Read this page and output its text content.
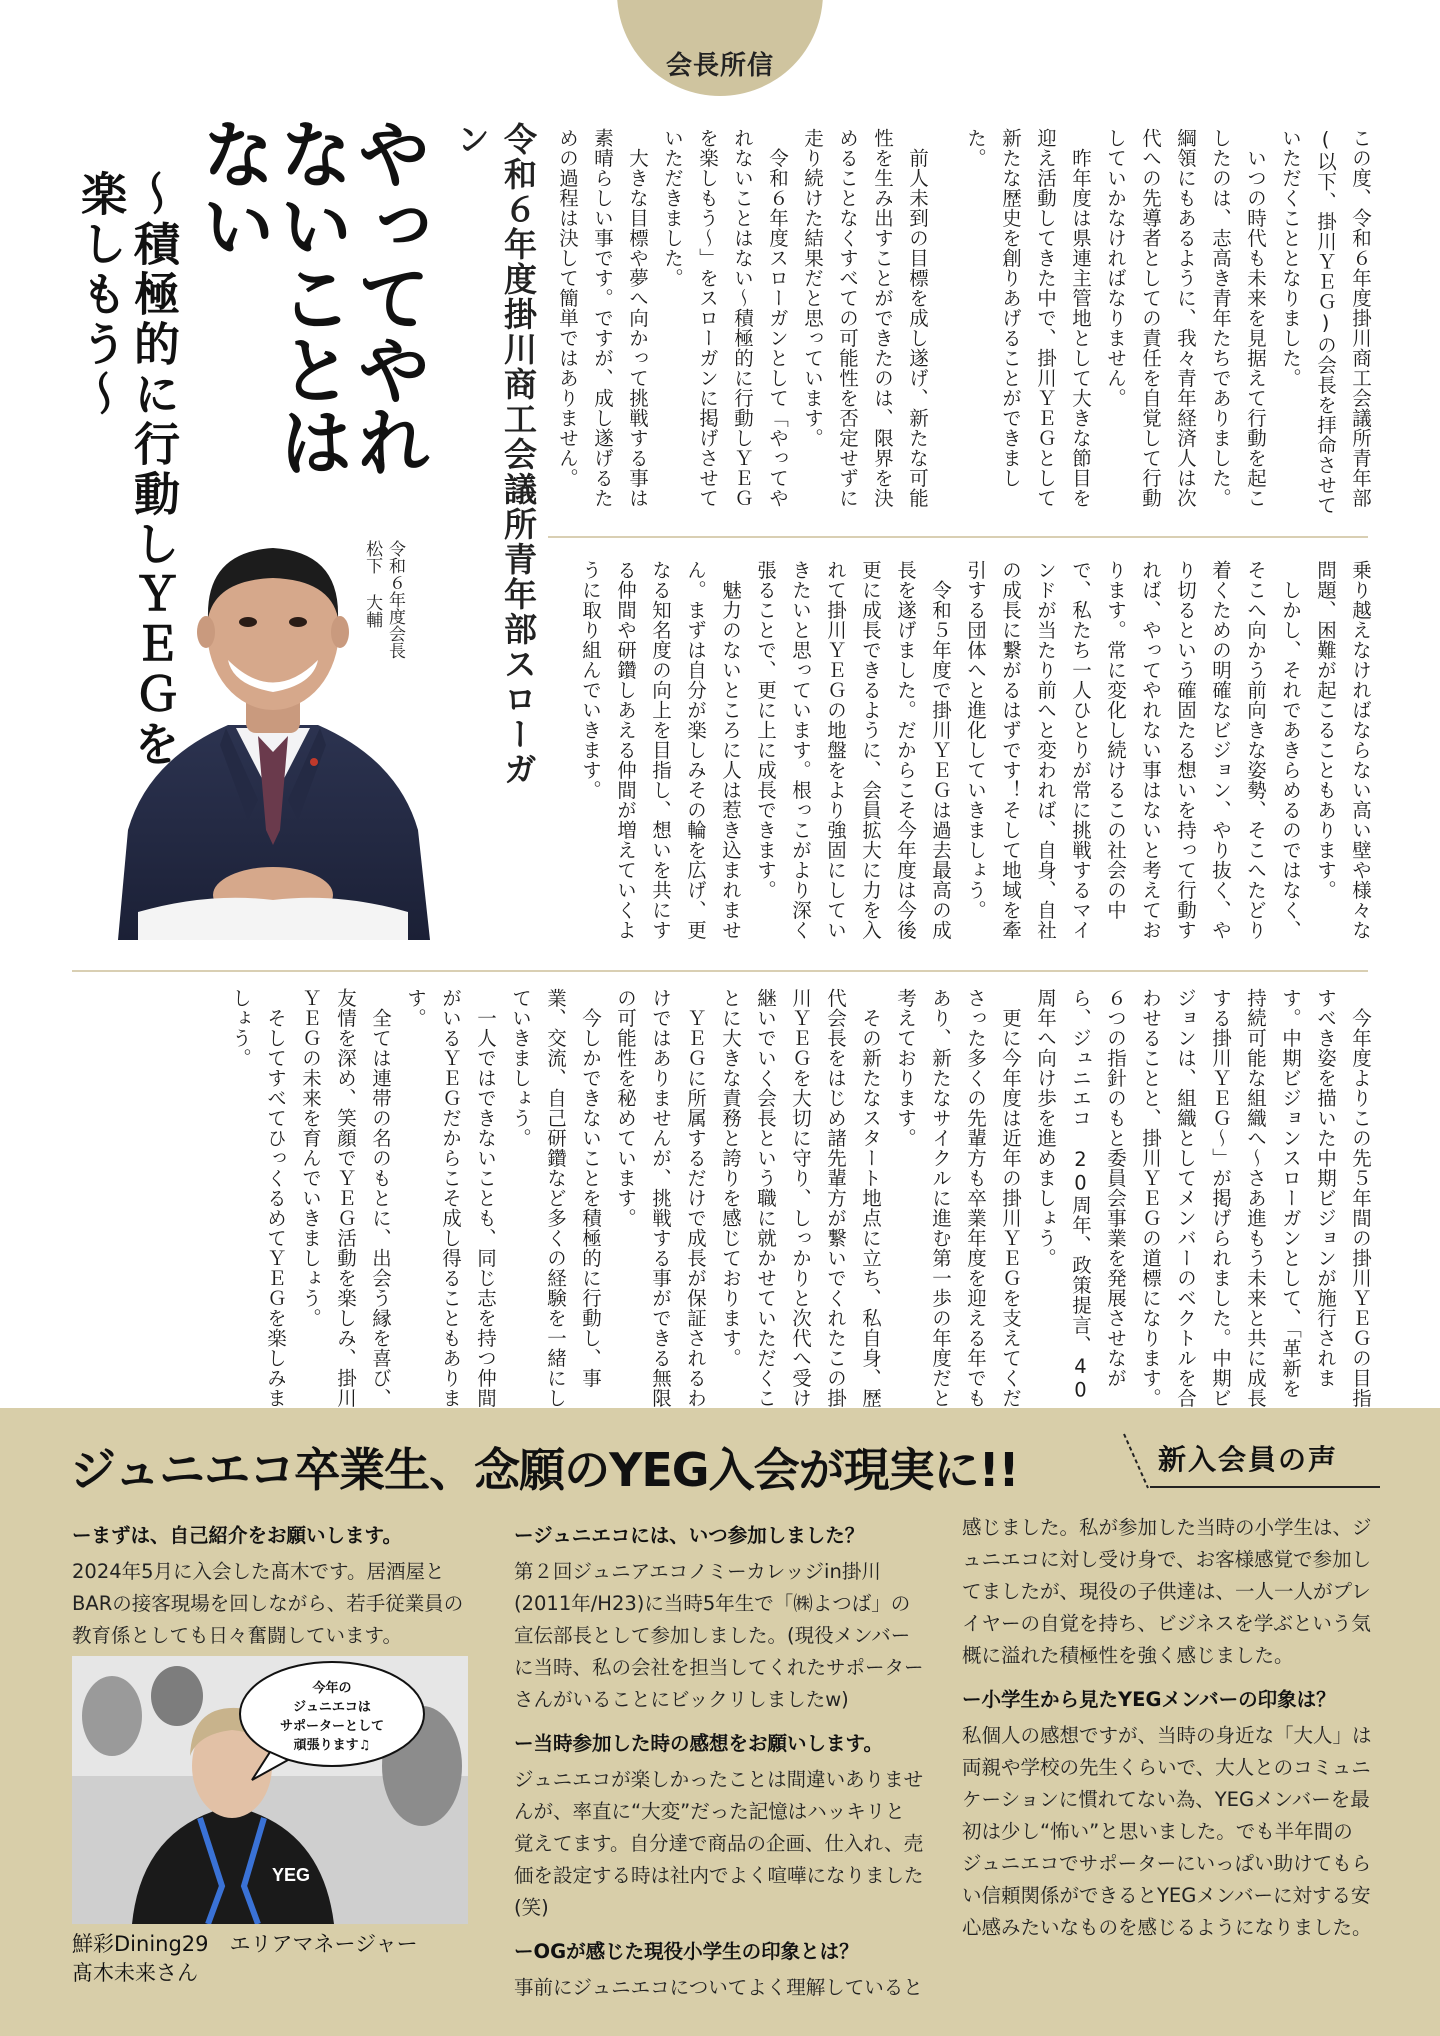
会長所信
令和６年度掛川商工会議所青年部スローガン
やってやれないことはない
～積極的に行動しＹＥＧを楽しもう～
令和６年度会長
松下 大輔

この度、令和６年度掛川商工会議所青年部(以下、掛川ＹＥＧ)の会長を拝命させていただくこととなりました。

いつの時代も未来を見据えて行動を起こしたのは、志高き青年たちでありました。綱領にもあるように、我々青年経済人は次代への先導者としての責任を自覚して行動していかなければなりません。

昨年度は県連主管地として大きな節目を迎え活動してきた中で、掛川ＹＥＧとして新たな歴史を創りあげることができました。

前人未到の目標を成し遂げ、新たな可能性を生み出すことができたのは、限界を決めることなくすべての可能性を否定せずに走り続けた結果だと思っています。

令和６年度スローガンとして「やってやれないことはない～積極的に行動しＹＥＧを楽しもう～」をスローガンに掲げさせていただきました。

大きな目標や夢へ向かって挑戦する事は素晴らしい事です。ですが、成し遂げるための過程は決して簡単ではありません。

乗り越えなければならない高い壁や様々な問題、困難が起こることもあります。

しかし、それであきらめるのではなく、そこへ向かう前向きな姿勢、そこへたどり着くための明確なビジョン、やり抜く、やり切るという確固たる想いを持って行動すれば、やってやれない事はないと考えております。常に変化し続けるこの社会の中で、私たち一人ひとりが常に挑戦するマインドが当たり前へと変われば、自身、自社の成長に繋がるはずです！そして地域を牽引する団体へと進化していきましょう。

令和５年度で掛川ＹＥＧは過去最高の成長を遂げました。だからこそ今年度は今後更に成長できるように、会員拡大に力を入れて掛川ＹＥＧの地盤をより強固にしていきたいと思っています。根っこがより深く張ることで、更に上に成長できます。

魅力のないところに人は惹き込まれません。まずは自分が楽しみその輪を広げ、更なる知名度の向上を目指し、想いを共にする仲間や研鑽しあえる仲間が増えていくように取り組んでいきます。

今年度よりこの先５年間の掛川ＹＥＧの目指すべき姿を描いた中期ビジョンが施行されます。中期ビジョンスローガンとして、「革新を持続可能な組織へ～さあ進もう未来と共に成長する掛川ＹＥＧ～」が掲げられました。中期ビジョンは、組織としてメンバーのベクトルを合わせることと、掛川ＹＥＧの道標になります。６つの指針のもと委員会事業を発展させながら、ジュニエコ　20周年、政策提言、40周年へ向け歩を進めましょう。

更に今年度は近年の掛川ＹＥＧを支えてくださった多くの先輩方も卒業年度を迎える年でもあり、新たなサイクルに進む第一歩の年度だと考えております。

その新たなスタート地点に立ち、私自身、歴代会長をはじめ諸先輩方が繋いでくれたこの掛川ＹＥＧを大切に守り、しっかりと次代へ受け継いでいく会長という職に就かせていただくことに大きな責務と誇りを感じております。

ＹＥＧに所属するだけで成長が保証されるわけではありませんが、挑戦する事ができる無限の可能性を秘めています。

今しかできないことを積極的に行動し、事業、交流、自己研鑽など多くの経験を一緒にしていきましょう。

一人ではできないことも、同じ志を持つ仲間がいるＹＥＧだからこそ成し得ることもあります。

全ては連帯の名のもとに、出会う縁を喜び、友情を深め、笑顔でＹＥＧ活動を楽しみ、掛川ＹＥＧの未来を育んでいきましょう。

そしてすべてひっくるめてＹＥＧを楽しみましょう。

ジュニエコ卒業生、念願のYEG入会が現実に!!	新入会員の声

ーまずは、自己紹介をお願いします。

2024年5月に入会した髙木です。居酒屋とBARの接客現場を回しながら、若手従業員の教育係としても日々奮闘しています。

YEG
今年の
ジュニエコは
サポーターとして
頑張ります♫
鮮彩Dining29　エリアマネージャー
髙木未来さん

ージュニエコには、いつ参加しました？

第２回ジュニアエコノミーカレッジin掛川(2011年/H23)に当時5年生で「㈱よつば」の宣伝部長として参加しました。(現役メンバーに当時、私の会社を担当してくれたサポーターさんがいることにビックリしましたw)

ー当時参加した時の感想をお願いします。

ジュニエコが楽しかったことは間違いありませんが、率直に“大変”だった記憶はハッキリと覚えてます。自分達で商品の企画、仕入れ、売価を設定する時は社内でよく喧嘩になりました(笑)

ーOGが感じた現役小学生の印象とは？

事前にジュニエコについてよく理解していると

感じました。私が参加した当時の小学生は、ジュニエコに対し受け身で、お客様感覚で参加してましたが、現役の子供達は、一人一人がプレイヤーの自覚を持ち、ビジネスを学ぶという気概に溢れた積極性を強く感じました。

ー小学生から見たYEGメンバーの印象は？

私個人の感想ですが、当時の身近な「大人」は両親や学校の先生くらいで、大人とのコミュニケーションに慣れてない為、YEGメンバーを最初は少し“怖い”と思いました。でも半年間のジュニエコでサポーターにいっぱい助けてもらい信頼関係ができるとYEGメンバーに対する安心感みたいなものを感じるようになりました。
